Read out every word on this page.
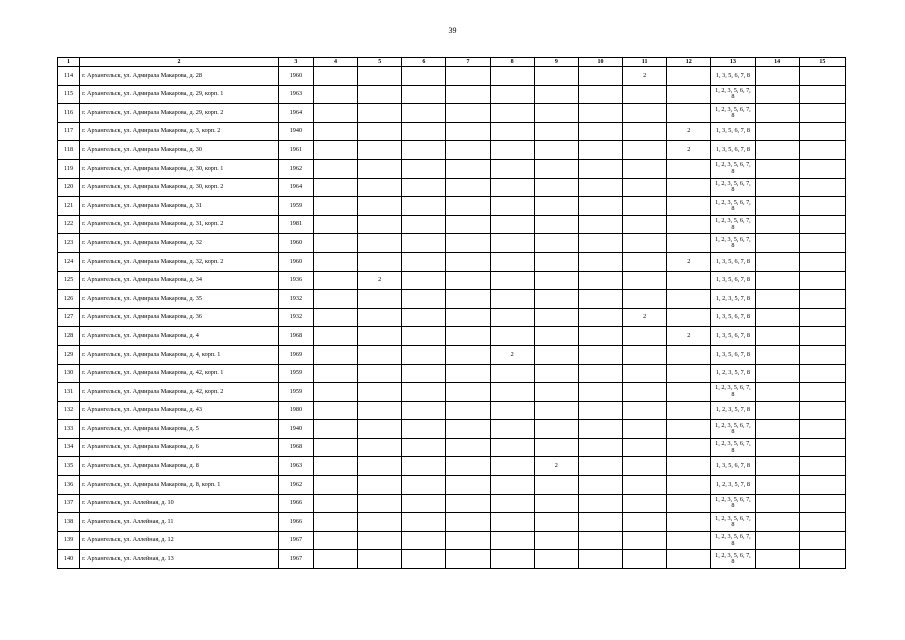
39
1	2	3	4	5	6	7	8	9	10	11	12	13	14	15
114	г. Архангельск, ул. Адмирала Макарова, д. 28	1960								2		1, 3, 5, 6, 7, 8		
115	г. Архангельск, ул. Адмирала Макарова, д. 29, корп. 1	1963										1, 2, 3, 5, 6, 7, 8		
116	г. Архангельск, ул. Адмирала Макарова, д. 29, корп. 2	1964										1, 2, 3, 5, 6, 7, 8		
117	г. Архангельск, ул. Адмирала Макарова, д. 3, корп. 2	1940									2	1, 3, 5, 6, 7, 8		
118	г. Архангельск, ул. Адмирала Макарова, д. 30	1961									2	1, 3, 5, 6, 7, 8		
119	г. Архангельск, ул. Адмирала Макарова, д. 30, корп. 1	1962										1, 2, 3, 5, 6, 7, 8		
120	г. Архангельск, ул. Адмирала Макарова, д. 30, корп. 2	1964										1, 2, 3, 5, 6, 7, 8		
121	г. Архангельск, ул. Адмирала Макарова, д. 31	1959										1, 2, 3, 5, 6, 7, 8		
122	г. Архангельск, ул. Адмирала Макарова, д. 31, корп. 2	1981										1, 2, 3, 5, 6, 7, 8		
123	г. Архангельск, ул. Адмирала Макарова, д. 32	1960										1, 2, 3, 5, 6, 7, 8		
124	г. Архангельск, ул. Адмирала Макарова, д. 32, корп. 2	1960									2	1, 3, 5, 6, 7, 8		
125	г. Архангельск, ул. Адмирала Макарова, д. 34	1936		2								1, 3, 5, 6, 7, 8		
126	г. Архангельск, ул. Адмирала Макарова, д. 35	1932										1, 2, 3, 5, 7, 8		
127	г. Архангельск, ул. Адмирала Макарова, д. 36	1932								2		1, 3, 5, 6, 7, 8		
128	г. Архангельск, ул. Адмирала Макарова, д. 4	1968									2	1, 3, 5, 6, 7, 8		
129	г. Архангельск, ул. Адмирала Макарова, д. 4, корп. 1	1969					2					1, 3, 5, 6, 7, 8		
130	г. Архангельск, ул. Адмирала Макарова, д. 42, корп. 1	1959										1, 2, 3, 5, 7, 8		
131	г. Архангельск, ул. Адмирала Макарова, д. 42, корп. 2	1959										1, 2, 3, 5, 6, 7, 8		
132	г. Архангельск, ул. Адмирала Макарова, д. 43	1980										1, 2, 3, 5, 7, 8		
133	г. Архангельск, ул. Адмирала Макарова, д. 5	1940										1, 2, 3, 5, 6, 7, 8		
134	г. Архангельск, ул. Адмирала Макарова, д. 6	1968										1, 2, 3, 5, 6, 7, 8		
135	г. Архангельск, ул. Адмирала Макарова, д. 8	1963						2				1, 3, 5, 6, 7, 8		
136	г. Архангельск, ул. Адмирала Макарова, д. 8, корп. 1	1962										1, 2, 3, 5, 7, 8		
137	г. Архангельск, ул. Аллейная, д. 10	1966										1, 2, 3, 5, 6, 7, 8		
138	г. Архангельск, ул. Аллейная, д. 11	1966										1, 2, 3, 5, 6, 7, 8		
139	г. Архангельск, ул. Аллейная, д. 12	1967										1, 2, 3, 5, 6, 7, 8		
140	г. Архангельск, ул. Аллейная, д. 13	1967										1, 2, 3, 5, 6, 7, 8		
